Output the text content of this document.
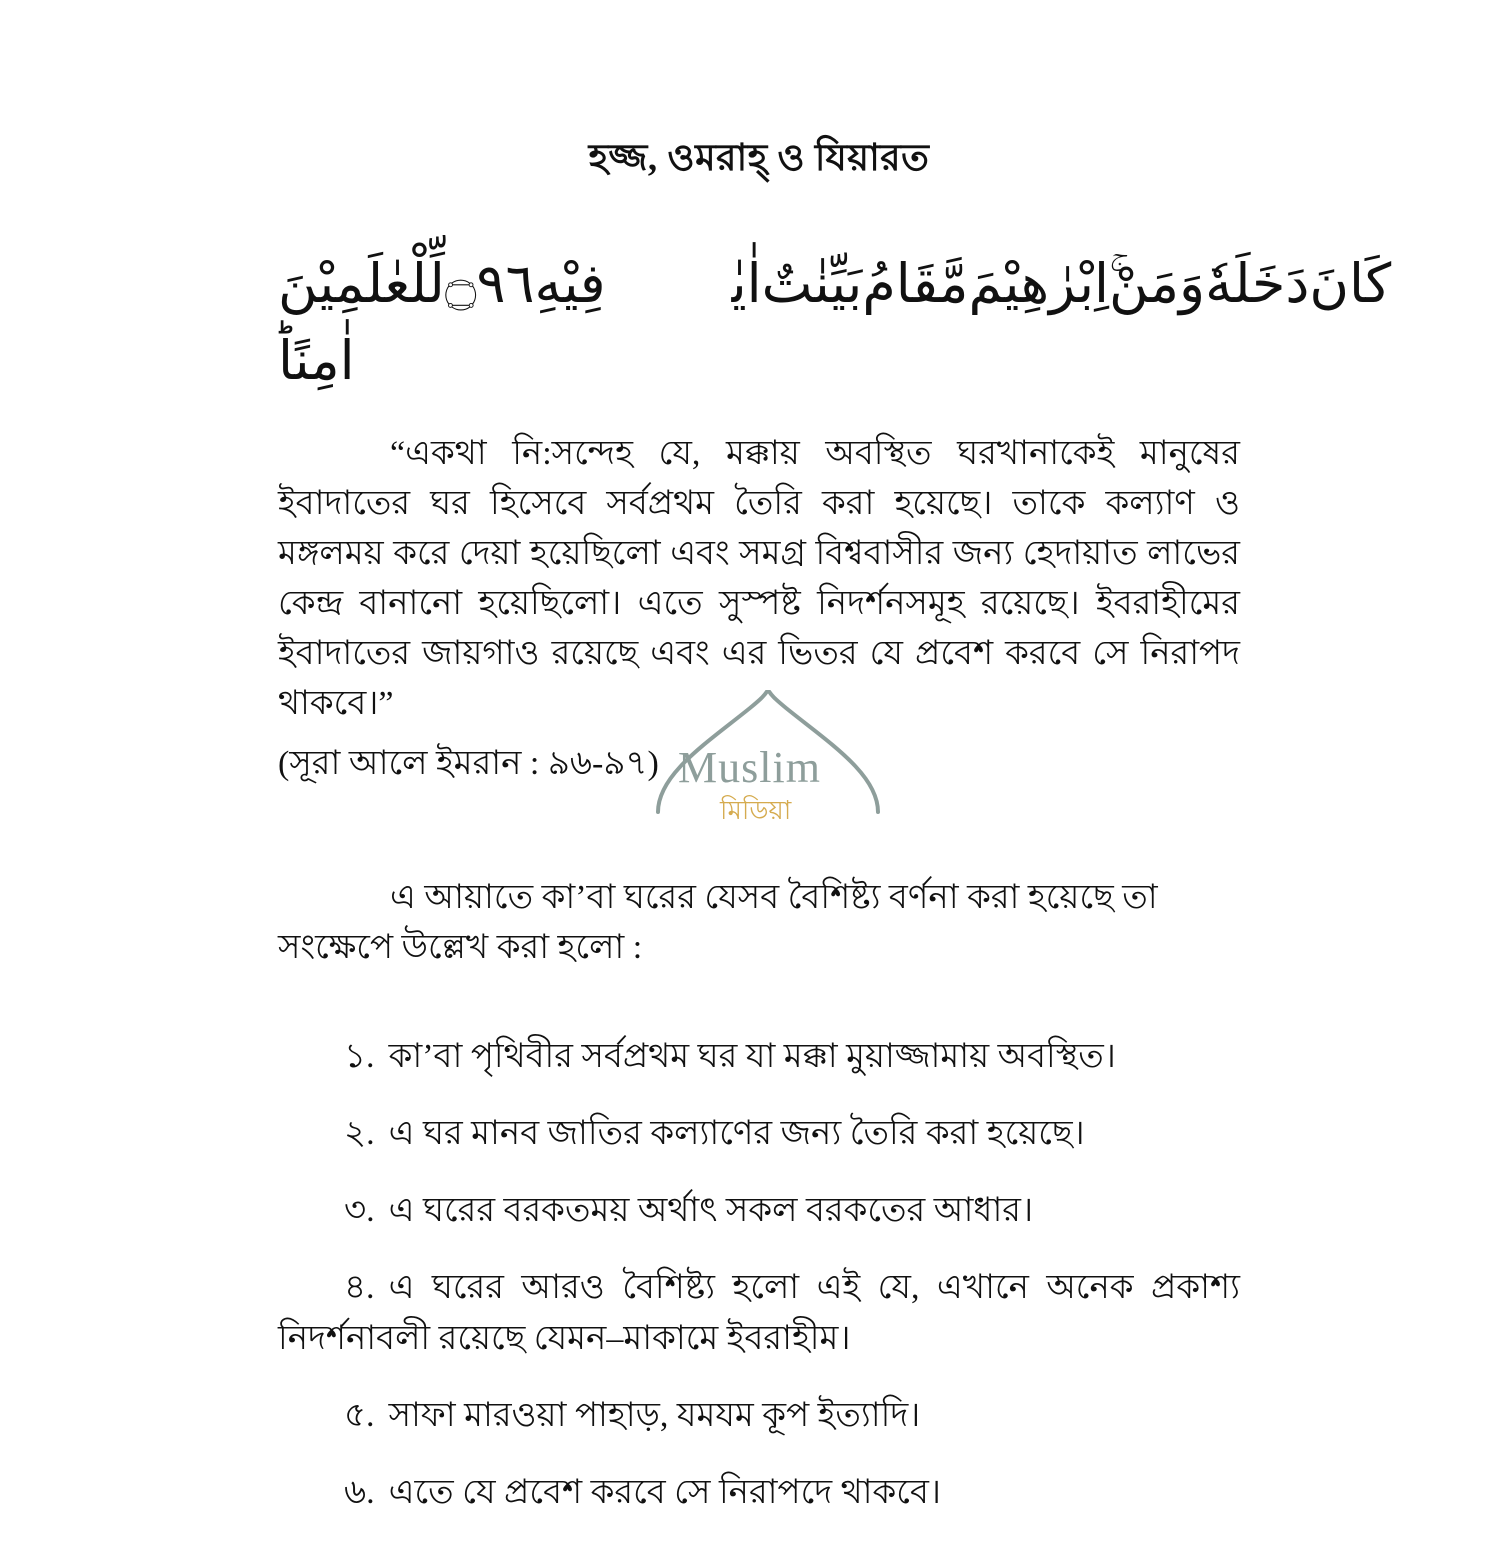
হজ্জ, ওমরাহ্ ও যিয়ারত
لِّلْعٰلَمِيْنَ ۝٩٦ فِيْهِ اٰيٰتٌۢ بَيِّنٰتٌ مَّقَامُ اِبْرٰهِيْمَ وَمَنْ دَخَلَهٗ كَانَ
اٰمِنًاؕ

“একথা নি:সন্দেহ যে, মক্কায় অবস্থিত ঘরখানাকেই মানুষের ইবাদাতের ঘর হিসেবে সর্বপ্রথম তৈরি করা হয়েছে। তাকে কল্যাণ ও মঙ্গলময় করে দেয়া হয়েছিলো এবং সমগ্র বিশ্ববাসীর জন্য হেদায়াত লাভের কেন্দ্র বানানো হয়েছিলো। এতে সুস্পষ্ট নিদর্শনসমূহ রয়েছে। ইবরাহীমের ইবাদাতের জায়গাও রয়েছে এবং এর ভিতর যে প্রবেশ করবে সে নিরাপদ থাকবে।”

(সূরা আলে ইমরান : ৯৬-৯৭)

এ আয়াতে কা’বা ঘরের যেসব বৈশিষ্ট্য বর্ণনা করা হয়েছে তা সংক্ষেপে উল্লেখ করা হলো :

১. কা’বা পৃথিবীর সর্বপ্রথম ঘর যা মক্কা মুয়াজ্জামায় অবস্থিত।

২. এ ঘর মানব জাতির কল্যাণের জন্য তৈরি করা হয়েছে।

৩. এ ঘরের বরকতময় অর্থাৎ সকল বরকতের আধার।

৪. এ ঘরের আরও বৈশিষ্ট্য হলো এই যে, এখানে অনেক প্রকাশ্য নিদর্শনাবলী রয়েছে যেমন–মাকামে ইবরাহীম।

৫. সাফা মারওয়া পাহাড়, যমযম কূপ ইত্যাদি।

৬. এতে যে প্রবেশ করবে সে নিরাপদে থাকবে।

Muslim
মিডিয়া
